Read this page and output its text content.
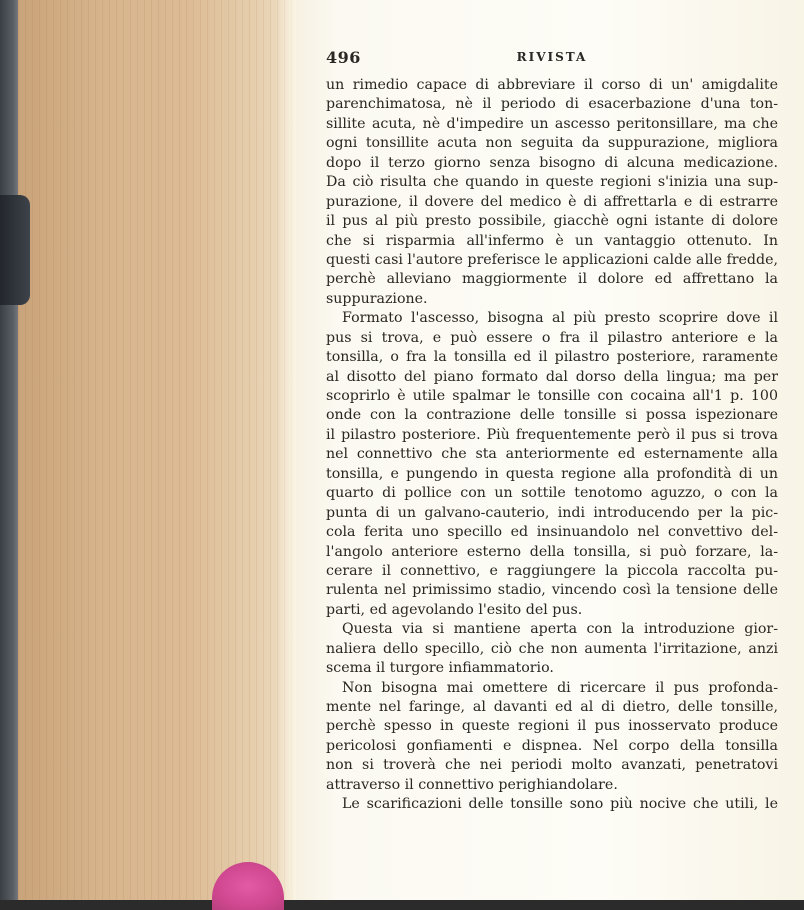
496	RIVISTA
un rimedio capace di abbreviare il corso di un' amigdalite
parenchimatosa, nè il periodo di esacerbazione d'una ton-
sillite acuta, nè d'impedire un ascesso peritonsillare, ma che
ogni tonsillite acuta non seguita da suppurazione, migliora
dopo il terzo giorno senza bisogno di alcuna medicazione.
Da ciò risulta che quando in queste regioni s'inizia una sup-
purazione, il dovere del medico è di affrettarla e di estrarre
il pus al più presto possibile, giacchè ogni istante di dolore
che si risparmia all'infermo è un vantaggio ottenuto. In
questi casi l'autore preferisce le applicazioni calde alle fredde,
perchè alleviano maggiormente il dolore ed affrettano la
suppurazione.
Formato l'ascesso, bisogna al più presto scoprire dove il
pus si trova, e può essere o fra il pilastro anteriore e la
tonsilla, o fra la tonsilla ed il pilastro posteriore, raramente
al disotto del piano formato dal dorso della lingua; ma per
scoprirlo è utile spalmar le tonsille con cocaina all'1 p. 100
onde con la contrazione delle tonsille si possa ispezionare
il pilastro posteriore. Più frequentemente però il pus si trova
nel connettivo che sta anteriormente ed esternamente alla
tonsilla, e pungendo in questa regione alla profondità di un
quarto di pollice con un sottile tenotomo aguzzo, o con la
punta di un galvano-cauterio, indi introducendo per la pic-
cola ferita uno specillo ed insinuandolo nel convettivo del-
l'angolo anteriore esterno della tonsilla, si può forzare, la-
cerare il connettivo, e raggiungere la piccola raccolta pu-
rulenta nel primissimo stadio, vincendo così la tensione delle
parti, ed agevolando l'esito del pus.
Questa via si mantiene aperta con la introduzione gior-
naliera dello specillo, ciò che non aumenta l'irritazione, anzi
scema il turgore infiammatorio.
Non bisogna mai omettere di ricercare il pus profonda-
mente nel faringe, al davanti ed al di dietro, delle tonsille,
perchè spesso in queste regioni il pus inosservato produce
pericolosi gonfiamenti e dispnea. Nel corpo della tonsilla
non si troverà che nei periodi molto avanzati, penetratovi
attraverso il connettivo perighiandolare.
Le scarificazioni delle tonsille sono più nocive che utili, le
